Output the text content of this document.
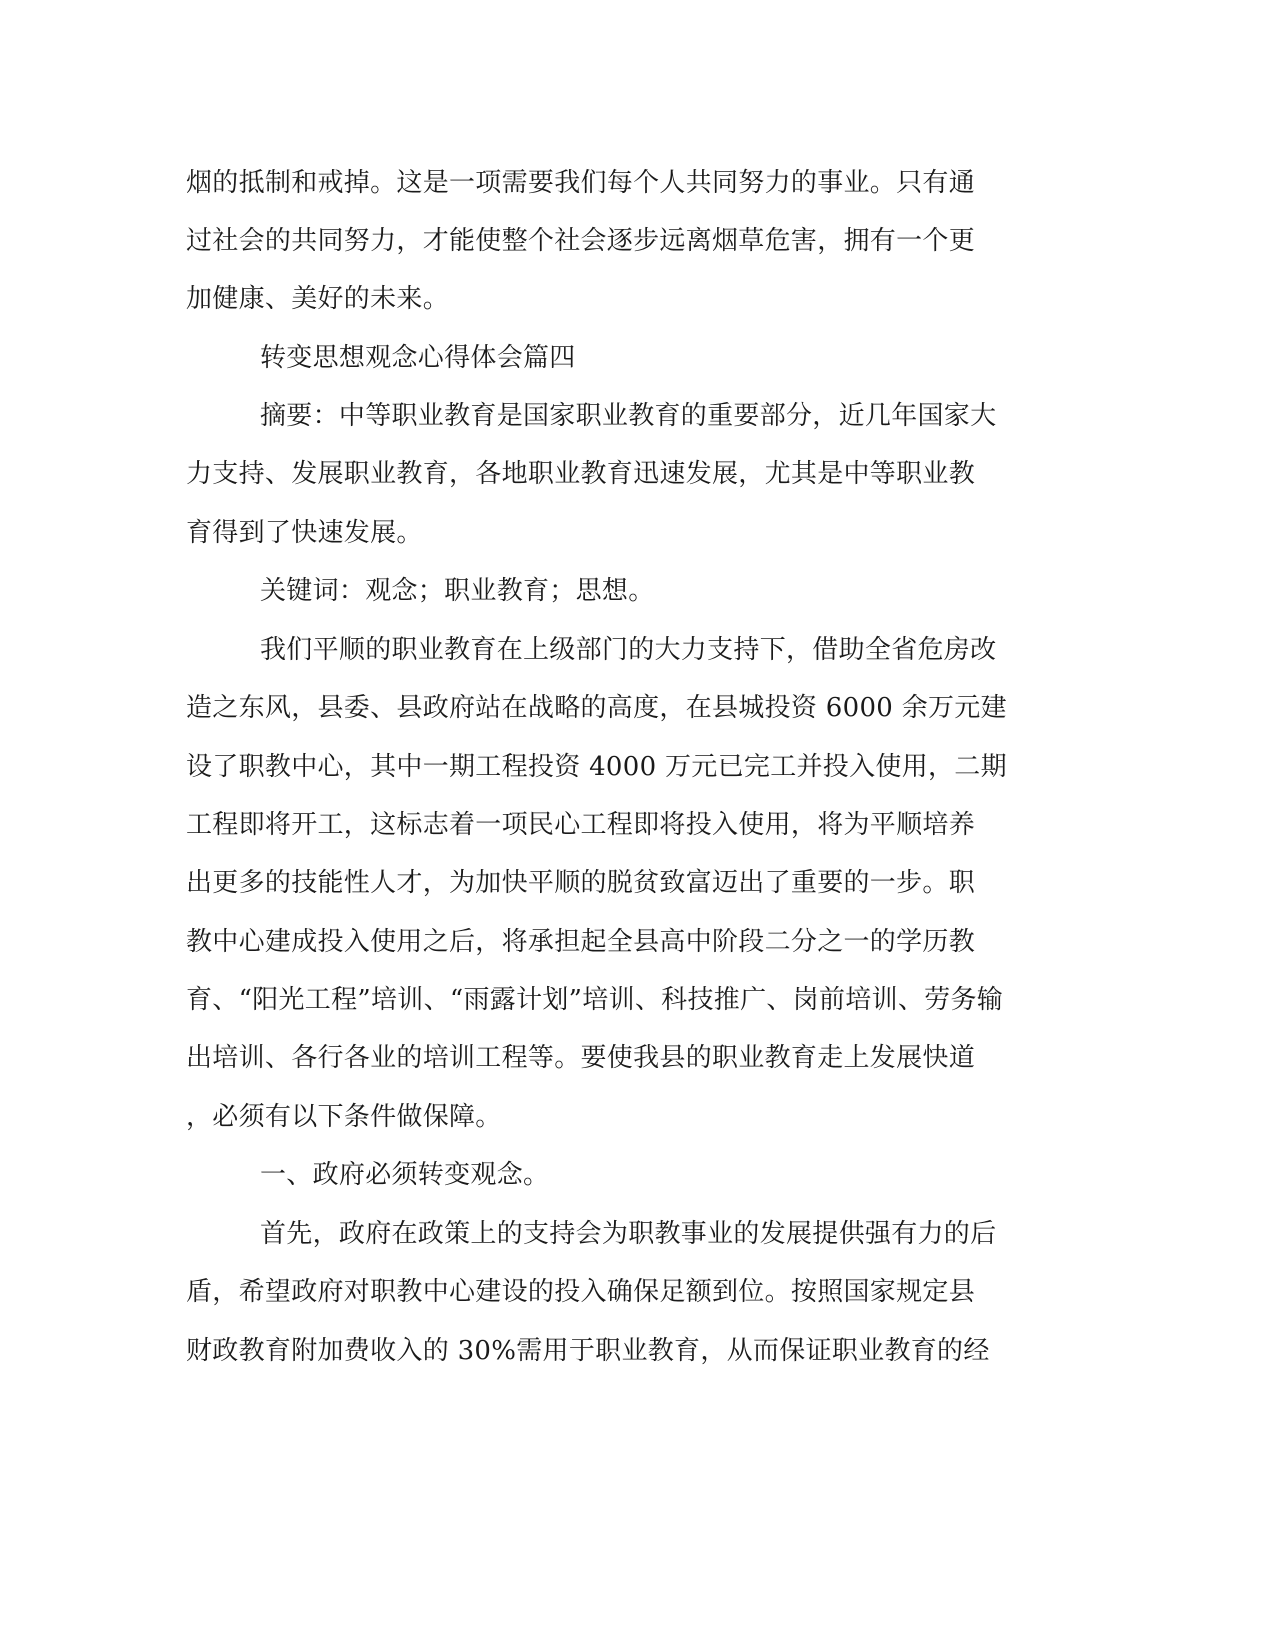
烟的抵制和戒掉。这是一项需要我们每个人共同努力的事业。只有通
过社会的共同努力，才能使整个社会逐步远离烟草危害，拥有一个更
加健康、美好的未来。
转变思想观念心得体会篇四
摘要：中等职业教育是国家职业教育的重要部分，近几年国家大
力支持、发展职业教育，各地职业教育迅速发展，尤其是中等职业教
育得到了快速发展。
关键词：观念；职业教育；思想。
我们平顺的职业教育在上级部门的大力支持下，借助全省危房改
造之东风，县委、县政府站在战略的高度，在县城投资 6000 余万元建
设了职教中心，其中一期工程投资 4000 万元已完工并投入使用，二期
工程即将开工，这标志着一项民心工程即将投入使用，将为平顺培养
出更多的技能性人才，为加快平顺的脱贫致富迈出了重要的一步。职
教中心建成投入使用之后，将承担起全县高中阶段二分之一的学历教
育、“阳光工程”培训、“雨露计划”培训、科技推广、岗前培训、劳务输
出培训、各行各业的培训工程等。要使我县的职业教育走上发展快道
，必须有以下条件做保障。
一、政府必须转变观念。
首先，政府在政策上的支持会为职教事业的发展提供强有力的后
盾，希望政府对职教中心建设的投入确保足额到位。按照国家规定县
财政教育附加费收入的 30%需用于职业教育，从而保证职业教育的经
